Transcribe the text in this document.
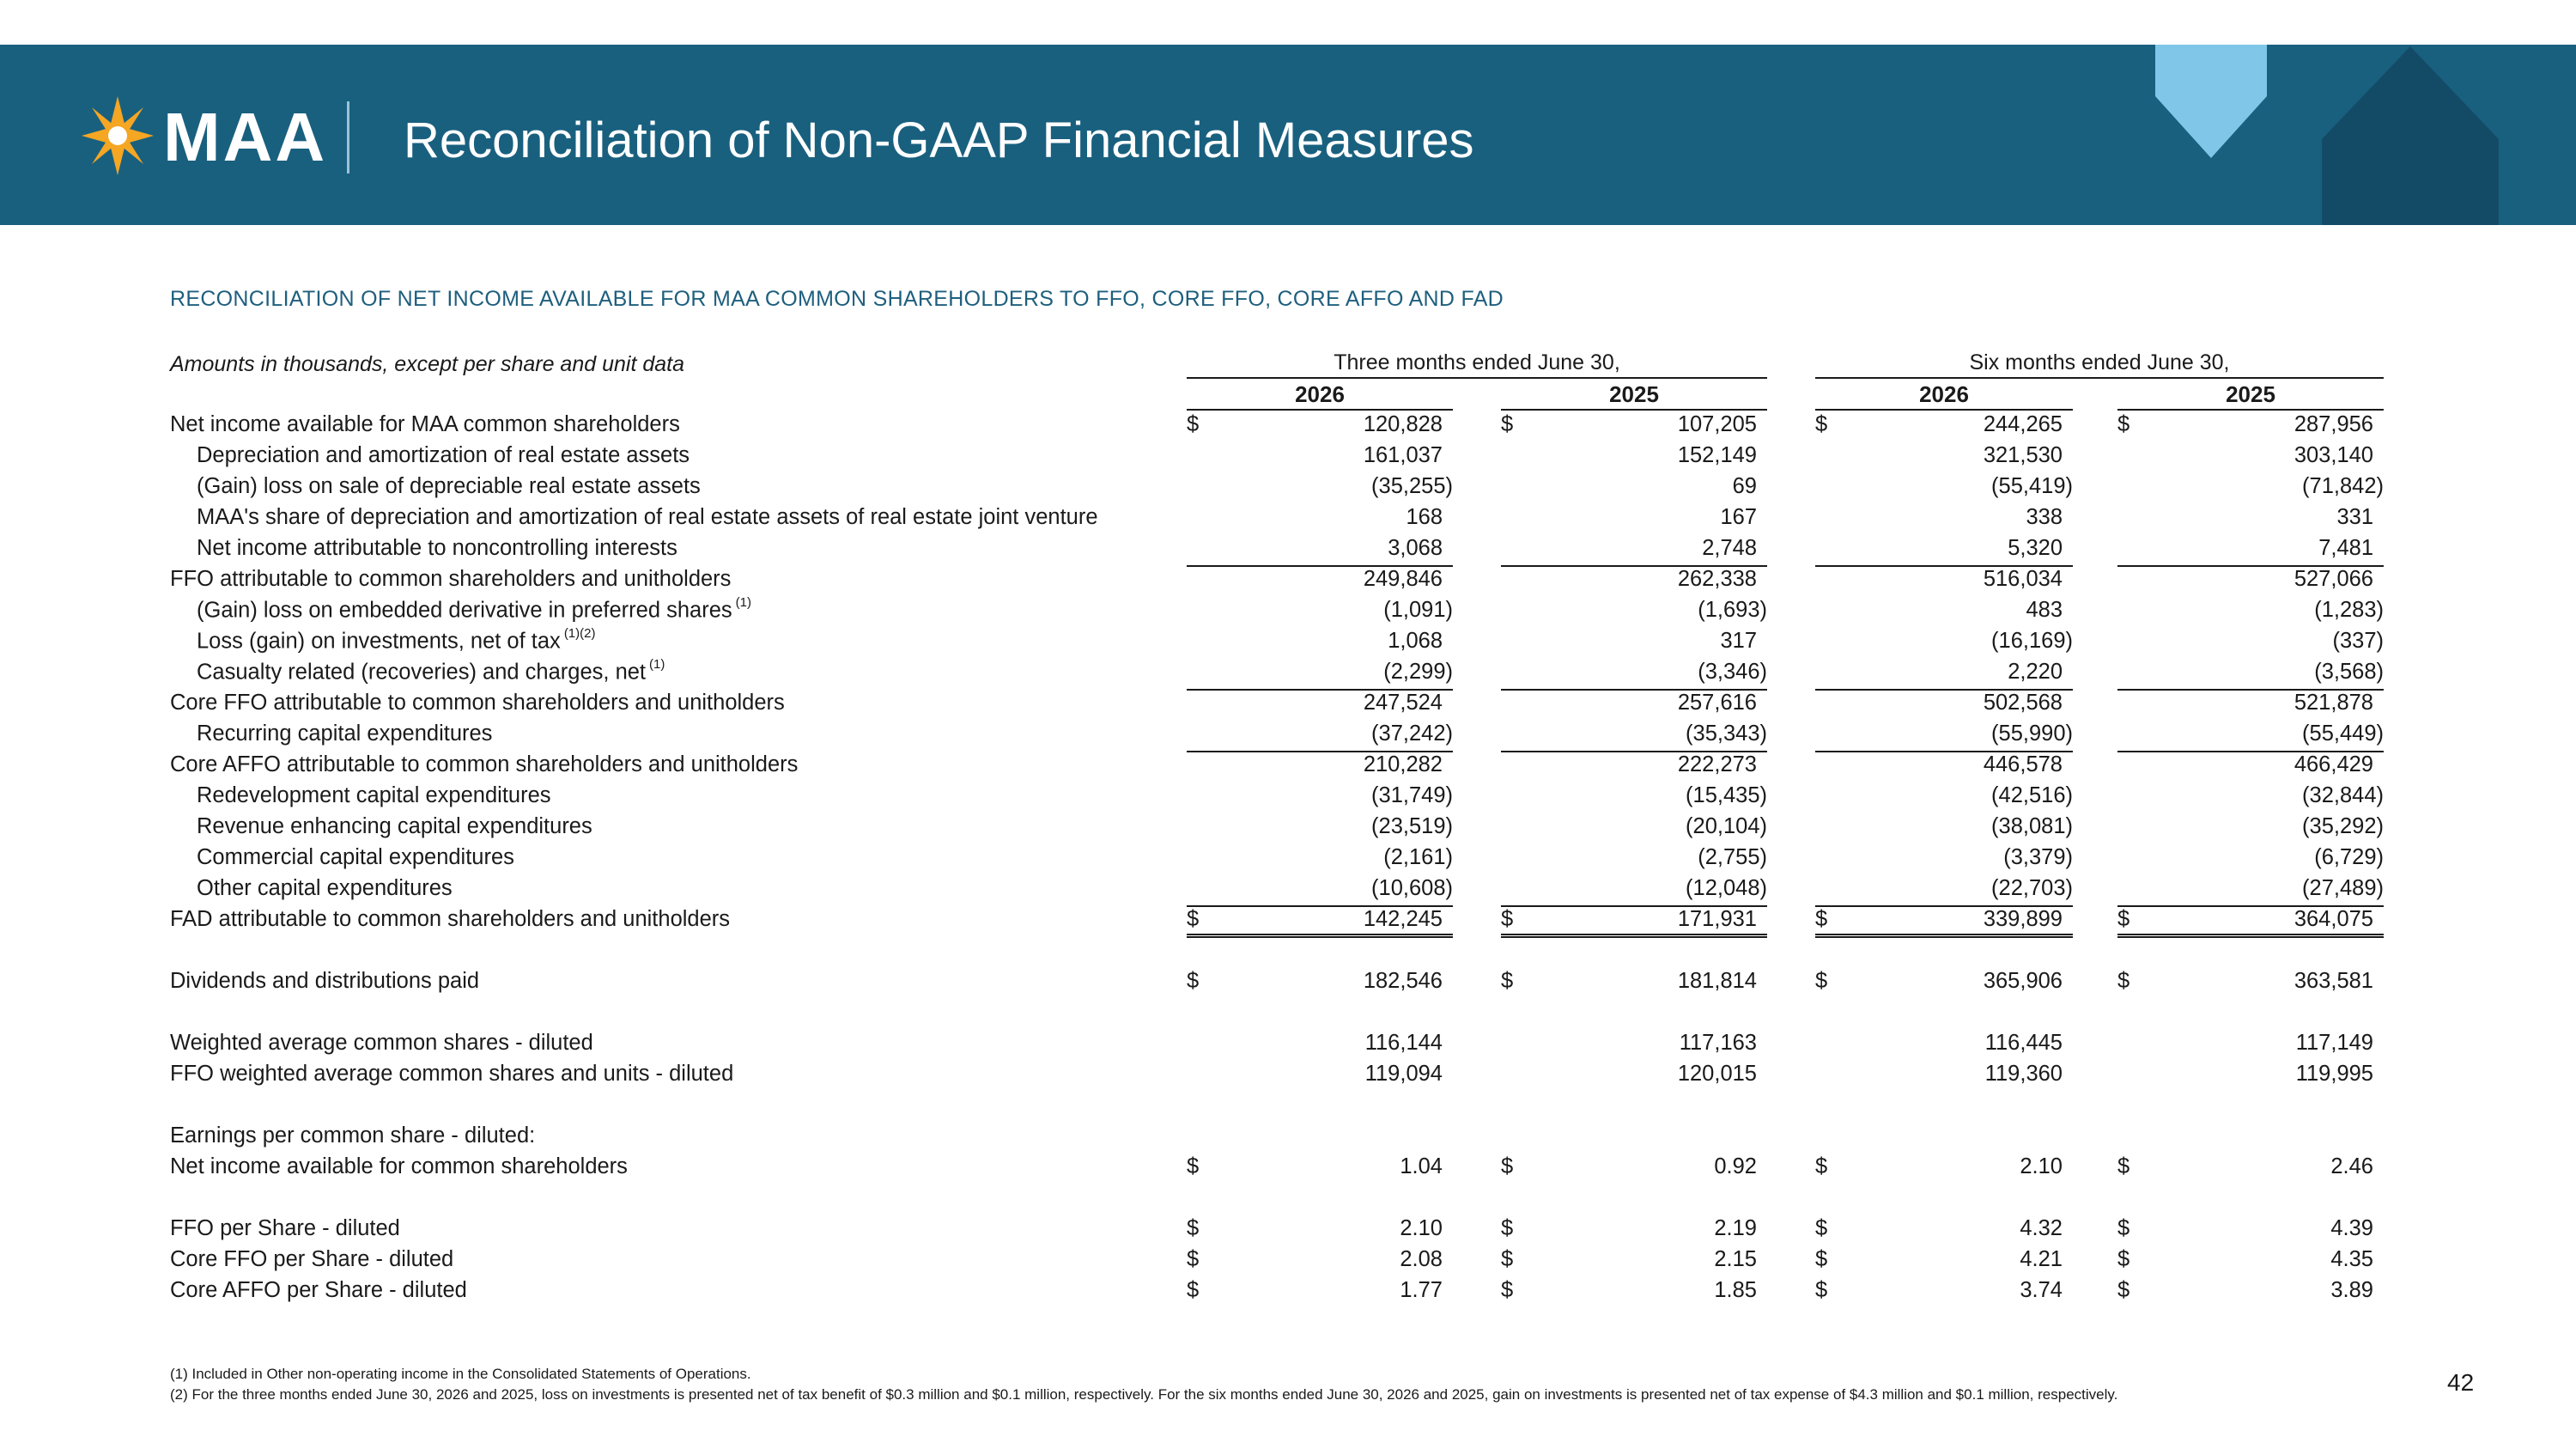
MAA Reconciliation of Non-GAAP Financial Measures
RECONCILIATION OF NET INCOME AVAILABLE FOR MAA COMMON SHAREHOLDERS TO FFO, CORE FFO, CORE AFFO AND FAD
Amounts in thousands, except per share and unit data	Three months ended June 30,	Six months ended June 30,
2026	2025	2026	2025
Net income available for MAA common shareholders	$	120,828	$	107,205	$	244,265	$	287,956
Depreciation and amortization of real estate assets	161,037	152,149	321,530	303,140
(Gain) loss on sale of depreciable real estate assets	(35,255)	69	(55,419)	(71,842)
MAA's share of depreciation and amortization of real estate assets of real estate joint venture	168	167	338	331
Net income attributable to noncontrolling interests	3,068	2,748	5,320	7,481
FFO attributable to common shareholders and unitholders	249,846	262,338	516,034	527,066
(Gain) loss on embedded derivative in preferred shares $^{(1)}$	(1,091)	(1,693)	483	(1,283)
Loss (gain) on investments, net of tax $^{(1)(2)}$	1,068	317	(16,169)	(337)
Casualty related (recoveries) and charges, net $^{(1)}$	(2,299)	(3,346)	2,220	(3,568)
Core FFO attributable to common shareholders and unitholders	247,524	257,616	502,568	521,878
Recurring capital expenditures	(37,242)	(35,343)	(55,990)	(55,449)
Core AFFO attributable to common shareholders and unitholders	210,282	222,273	446,578	466,429
Redevelopment capital expenditures	(31,749)	(15,435)	(42,516)	(32,844)
Revenue enhancing capital expenditures	(23,519)	(20,104)	(38,081)	(35,292)
Commercial capital expenditures	(2,161)	(2,755)	(3,379)	(6,729)
Other capital expenditures	(10,608)	(12,048)	(22,703)	(27,489)
FAD attributable to common shareholders and unitholders	$	142,245	$	171,931	$	339,899	$	364,075
Dividends and distributions paid	$	182,546	$	181,814	$	365,906	$	363,581
Weighted average common shares - diluted	116,144	117,163	116,445	117,149
FFO weighted average common shares and units - diluted	119,094	120,015	119,360	119,995
Earnings per common share - diluted:
Net income available for common shareholders	$	1.04	$	0.92	$	2.10	$	2.46
FFO per Share - diluted	$	2.10	$	2.19	$	4.32	$	4.39
Core FFO per Share - diluted	$	2.08	$	2.15	$	4.21	$	4.35
Core AFFO per Share - diluted	$	1.77	$	1.85	$	3.74	$	3.89
(1) Included in Other non-operating income in the Consolidated Statements of Operations.
(2) For the three months ended June 30, 2026 and 2025, loss on investments is presented net of tax benefit of $0.3 million and $0.1 million, respectively. For the six months ended June 30, 2026 and 2025, gain on investments is presented net of tax expense of $4.3 million and $0.1 million, respectively.	42
